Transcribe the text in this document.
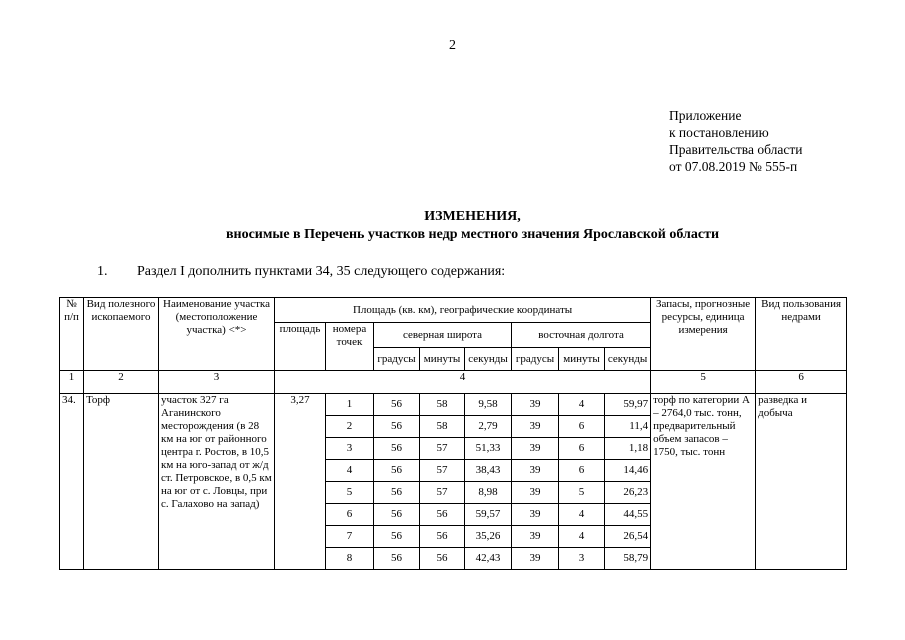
2
Приложение
к постановлению
Правительства области
от 07.08.2019 № 555-п
ИЗМЕНЕНИЯ,
вносимые в Перечень участков недр местного значения Ярославской области
1. Раздел I дополнить пунктами 34, 35 следующего содержания:
№ п/п	Вид полезного ископаемого	Наименование участка (местоположение участка) <*>	Площадь (кв. км), географические координаты								Запасы, прогнозные ресурсы, единица измерения	Вид пользования недрами
			площадь	номера точек	северная широта			восточная долгота				
					градусы	минуты	секунды	градусы	минуты	секунды		
1	2	3	4								5	6
34.	Торф	участок 327 га Аганинского месторождения (в 28 км на юг от районного центра г. Ростов, в 10,5 км на юго-запад от ж/д ст. Петровское, в 0,5 км на юг от с. Ловцы, при с. Галахово на запад)	3,27	1	56	58	9,58	39	4	59,97	торф по категории А – 2764,0 тыс. тонн, предварительный объем запасов – 1750, тыс. тонн	разведка и добыча
				2	56	58	2,79	39	6	11,4		
				3	56	57	51,33	39	6	1,18		
				4	56	57	38,43	39	6	14,46		
				5	56	57	8,98	39	5	26,23		
				6	56	56	59,57	39	4	44,55		
				7	56	56	35,26	39	4	26,54		
				8	56	56	42,43	39	3	58,79		
